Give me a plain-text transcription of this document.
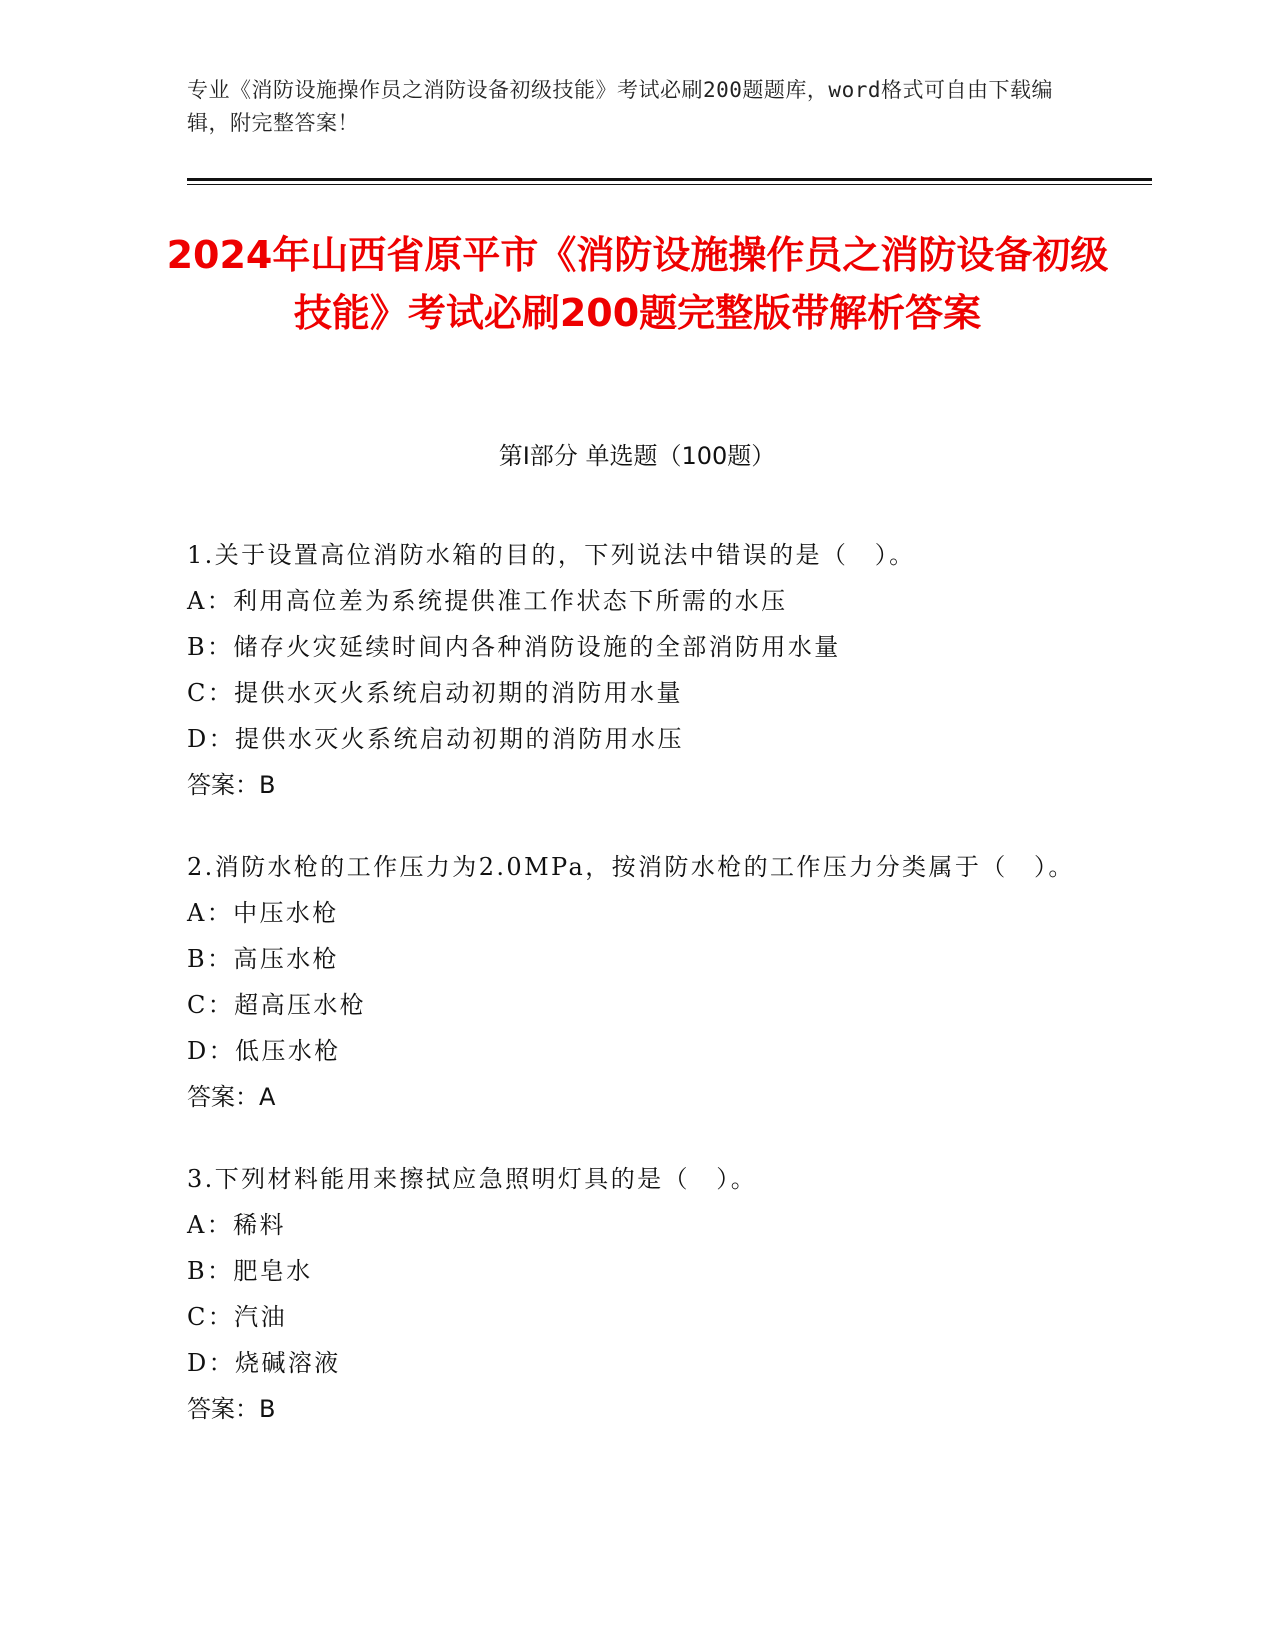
专业《消防设施操作员之消防设备初级技能》考试必刷200题题库，word格式可自由下载编辑，附完整答案！
2024年山西省原平市《消防设施操作员之消防设备初级技能》考试必刷200题完整版带解析答案
第Ⅰ部分 单选题（100题）
1.关于设置高位消防水箱的目的，下列说法中错误的是（　）。
A：利用高位差为系统提供准工作状态下所需的水压
B：储存火灾延续时间内各种消防设施的全部消防用水量
C：提供水灭火系统启动初期的消防用水量
D：提供水灭火系统启动初期的消防用水压
答案：B
2.消防水枪的工作压力为2.0MPa，按消防水枪的工作压力分类属于（　）。
A：中压水枪
B：高压水枪
C：超高压水枪
D：低压水枪
答案：A
3.下列材料能用来擦拭应急照明灯具的是（　）。
A：稀料
B：肥皂水
C：汽油
D：烧碱溶液
答案：B
